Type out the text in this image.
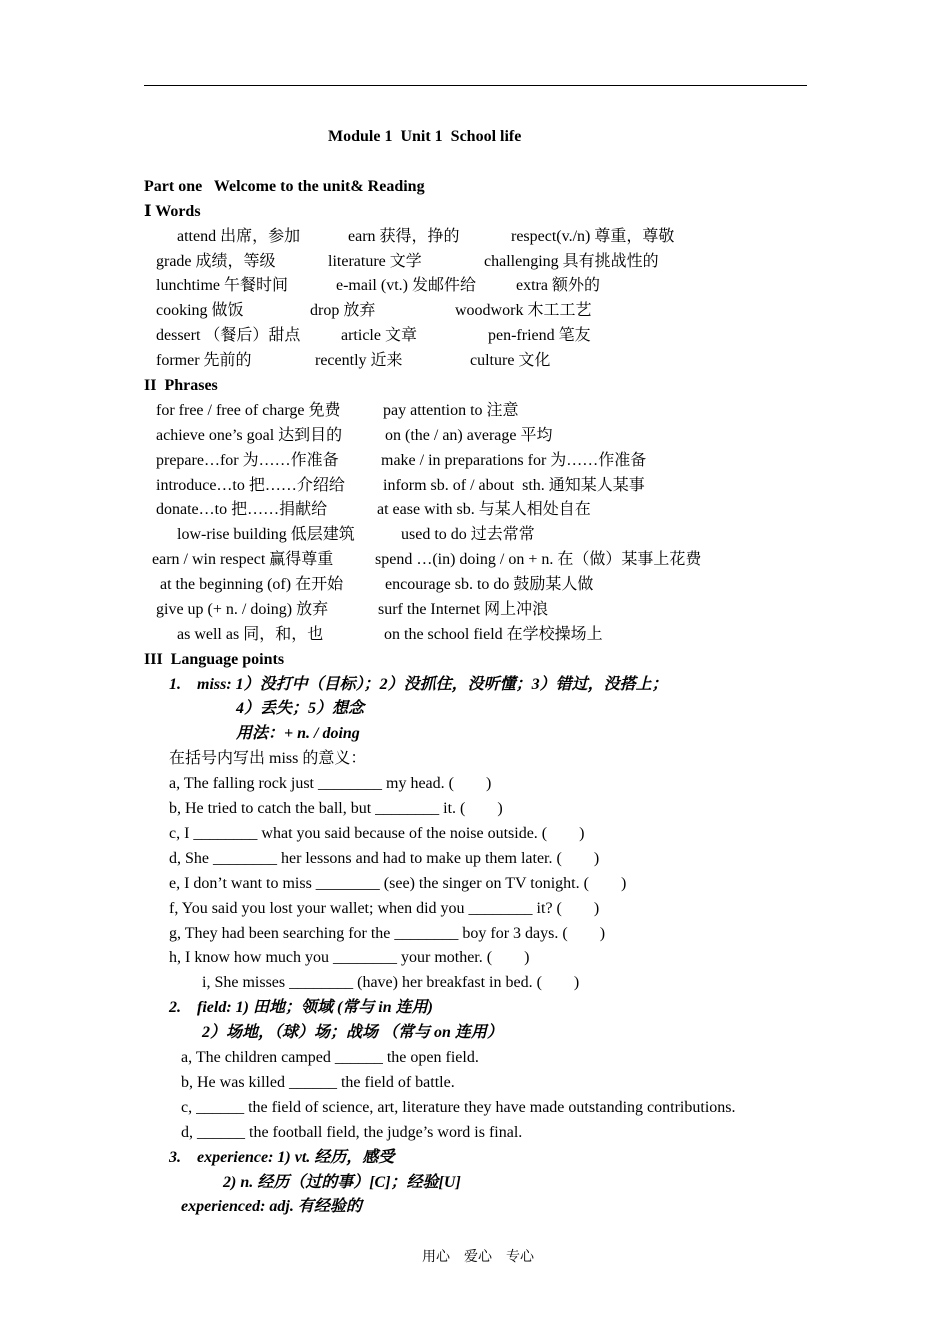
Module 1  Unit 1  School life
Part one   Welcome to the unit& Reading
Ⅰ Words
attend 出席，参加	earn 获得，挣的	respect(v./n) 尊重，尊敬
grade 成绩，等级	literature 文学	challenging 具有挑战性的
lunchtime 午餐时间	e-mail (vt.) 发邮件给	extra 额外的
cooking 做饭	drop 放弃	woodwork 木工工艺
dessert （餐后）甜点	article 文章	pen-friend 笔友
former 先前的	recently 近来	culture 文化
II  Phrases
for free / free of charge 免费	pay attention to 注意
achieve one’s goal 达到目的	on (the / an) average 平均
prepare…for 为……作准备	make / in preparations for 为……作准备
introduce…to 把……介绍给 inform sb. of / about  sth. 通知某人某事
donate…to 把……捐献给	at ease with sb. 与某人相处自在
low-rise building 低层建筑	used to do 过去常常
earn / win respect 赢得尊重	spend …(in) doing / on + n. 在（做）某事上花费
at the beginning (of) 在开始	encourage sb. to do 鼓励某人做
give up (+ n. / doing) 放弃	surf the Internet 网上冲浪
as well as 同，和，也	on the school field 在学校操场上
III  Language points
1.    miss: 1）没打中（目标）；2）没抓住，没听懂；3）错过，没搭上；
4）丢失；5）想念
用法：+ n. / doing
在括号内写出 miss 的意义：
a, The falling rock just ________ my head. (        )
b, He tried to catch the ball, but ________ it. (        )
c, I ________ what you said because of the noise outside. (        )
d, She ________ her lessons and had to make up them later. (        )
e, I don’t want to miss ________ (see) the singer on TV tonight. (        )
f, You said you lost your wallet; when did you ________ it? (        )
g, They had been searching for the ________ boy for 3 days. (        )
h, I know how much you ________ your mother. (        )
i, She misses ________ (have) her breakfast in bed. (        )
2.    field: 1) 田地；领域 (常与 in 连用)
2）场地，（球）场；战场 （常与 on 连用）
a, The children camped ______ the open field.
b, He was killed ______ the field of battle.
c, ______ the field of science, art, literature they have made outstanding contributions.
d, ______ the football field, the judge’s word is final.
3.    experience: 1) vt. 经历，感受
2) n. 经历（过的事）[C]；经验[U]
experienced: adj. 有经验的
用心    爱心    专心
